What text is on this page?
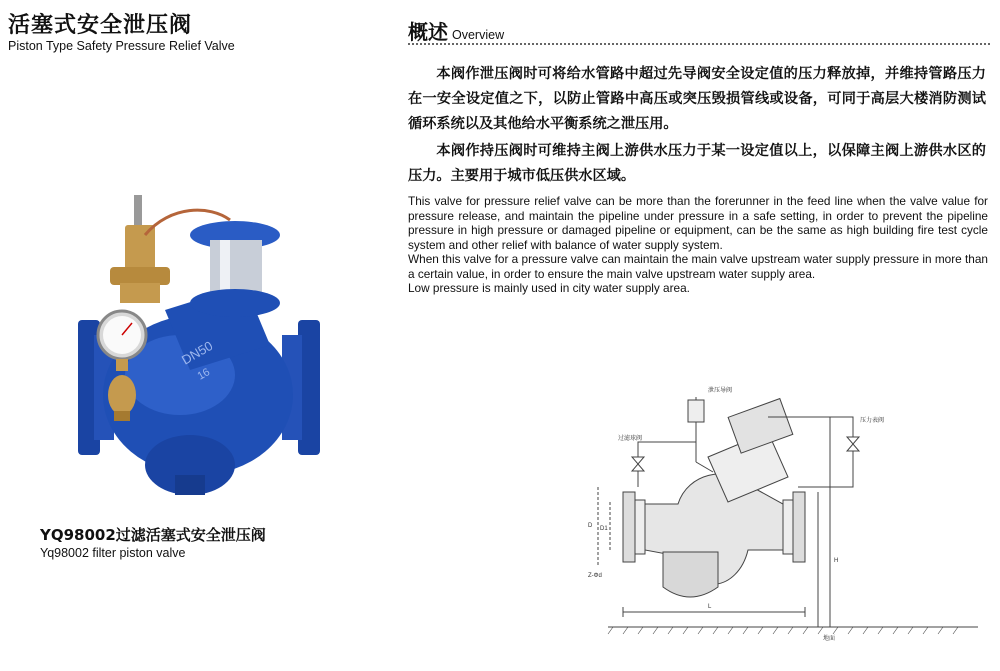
活塞式安全泄压阀
Piston Type Safety Pressure Relief Valve
DN50
16
YQ98002过滤活塞式安全泄压阀
Yq98002 filter piston valve
概述 Overview
本阀作泄压阀时可将给水管路中超过先导阀安全设定值的压力释放掉，并维持管路压力在一安全设定值之下，以防止管路中高压或突压毁损管线或设备，可同于高层大楼消防测试循环系统以及其他给水平衡系统之泄压用。
本阀作持压阀时可维持主阀上游供水压力于某一设定值以上，以保障主阀上游供水区的压力。主要用于城市低压供水区域。

This valve for pressure relief valve can be more than the forerunner in the feed line when the valve value for pressure release, and maintain the pipeline under pressure in a safe setting, in order to prevent the pipeline pressure in high pressure or damaged pipeline or equipment, can be the same as high building fire test cycle system and other relief with balance of water supply system.

When this valve for a pressure valve can maintain the main valve upstream water supply pressure in more than a certain value, in order to ensure the main valve upstream water supply area.

Low pressure is mainly used in city water supply area.

泄压导阀
过滤球阀
压力表阀
D D1
L
H
Z-Φd
地面
